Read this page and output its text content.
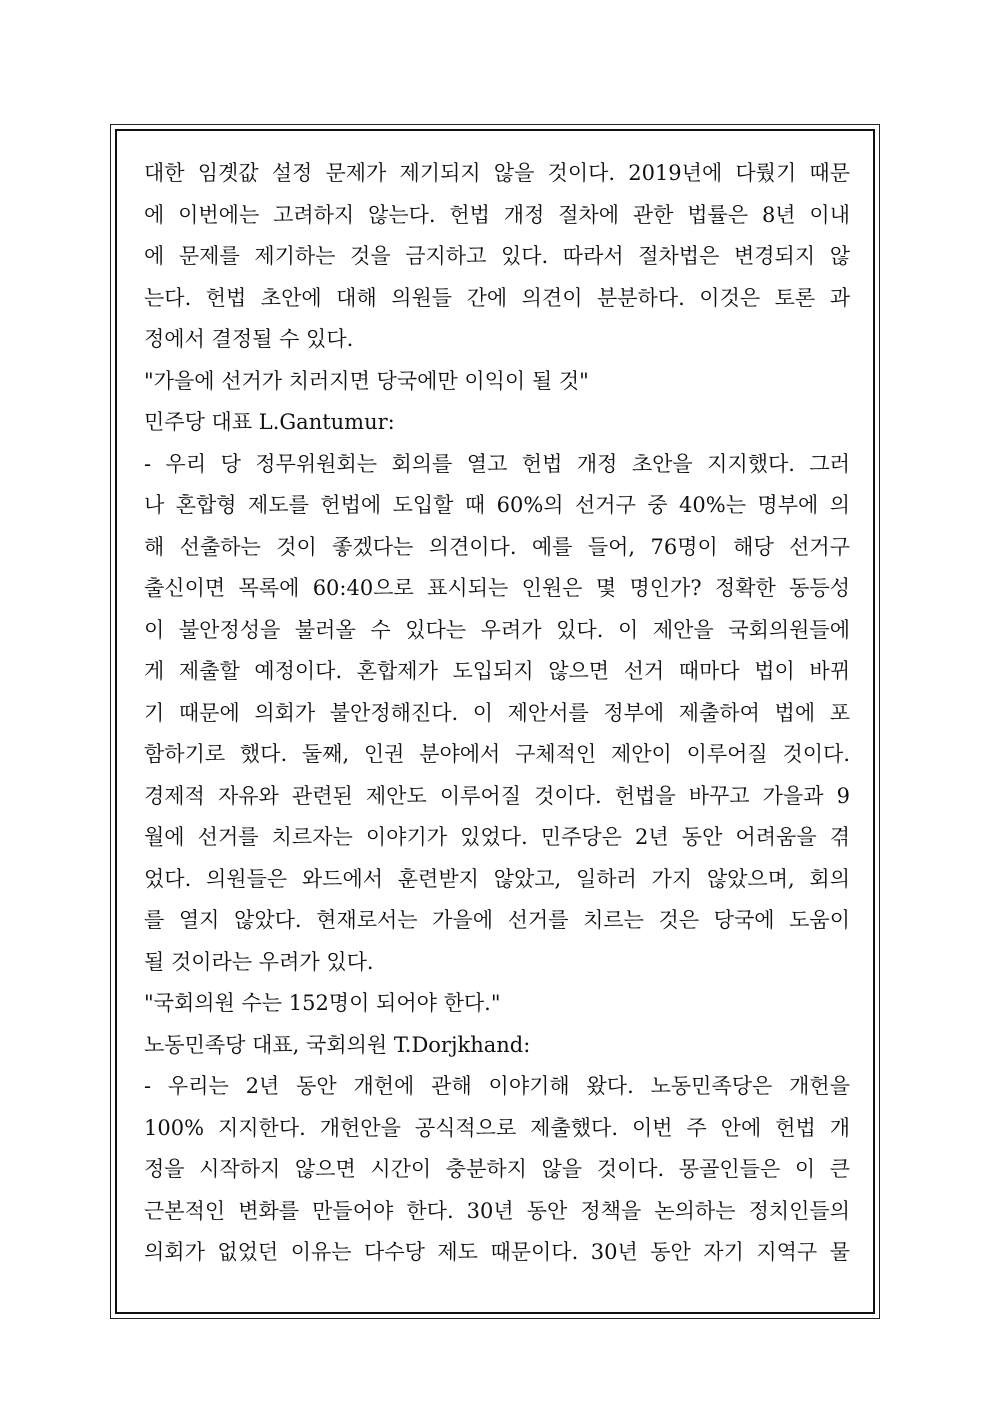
대한 임곗값 설정 문제가 제기되지 않을 것이다. 2019년에 다뤘기 때문
에 이번에는 고려하지 않는다. 헌법 개정 절차에 관한 법률은 8년 이내
에 문제를 제기하는 것을 금지하고 있다. 따라서 절차법은 변경되지 않
는다. 헌법 초안에 대해 의원들 간에 의견이 분분하다. 이것은 토론 과
정에서 결정될 수 있다.
"가을에 선거가 치러지면 당국에만 이익이 될 것"
민주당 대표 L.Gantumur:
- 우리 당 정무위원회는 회의를 열고 헌법 개정 초안을 지지했다. 그러
나 혼합형 제도를 헌법에 도입할 때 60%의 선거구 중 40%는 명부에 의
해 선출하는 것이 좋겠다는 의견이다. 예를 들어, 76명이 해당 선거구
출신이면 목록에 60:40으로 표시되는 인원은 몇 명인가? 정확한 동등성
이 불안정성을 불러올 수 있다는 우려가 있다. 이 제안을 국회의원들에
게 제출할 예정이다. 혼합제가 도입되지 않으면 선거 때마다 법이 바뀌
기 때문에 의회가 불안정해진다. 이 제안서를 정부에 제출하여 법에 포
함하기로 했다. 둘째, 인권 분야에서 구체적인 제안이 이루어질 것이다.
경제적 자유와 관련된 제안도 이루어질 것이다. 헌법을 바꾸고 가을과 9
월에 선거를 치르자는 이야기가 있었다. 민주당은 2년 동안 어려움을 겪
었다. 의원들은 와드에서 훈련받지 않았고, 일하러 가지 않았으며, 회의
를 열지 않았다. 현재로서는 가을에 선거를 치르는 것은 당국에 도움이
될 것이라는 우려가 있다.
"국회의원 수는 152명이 되어야 한다."
노동민족당 대표, 국회의원 T.Dorjkhand:
- 우리는 2년 동안 개헌에 관해 이야기해 왔다. 노동민족당은 개헌을
100% 지지한다. 개헌안을 공식적으로 제출했다. 이번 주 안에 헌법 개
정을 시작하지 않으면 시간이 충분하지 않을 것이다. 몽골인들은 이 큰
근본적인 변화를 만들어야 한다. 30년 동안 정책을 논의하는 정치인들의
의회가 없었던 이유는 다수당 제도 때문이다. 30년 동안 자기 지역구 물
